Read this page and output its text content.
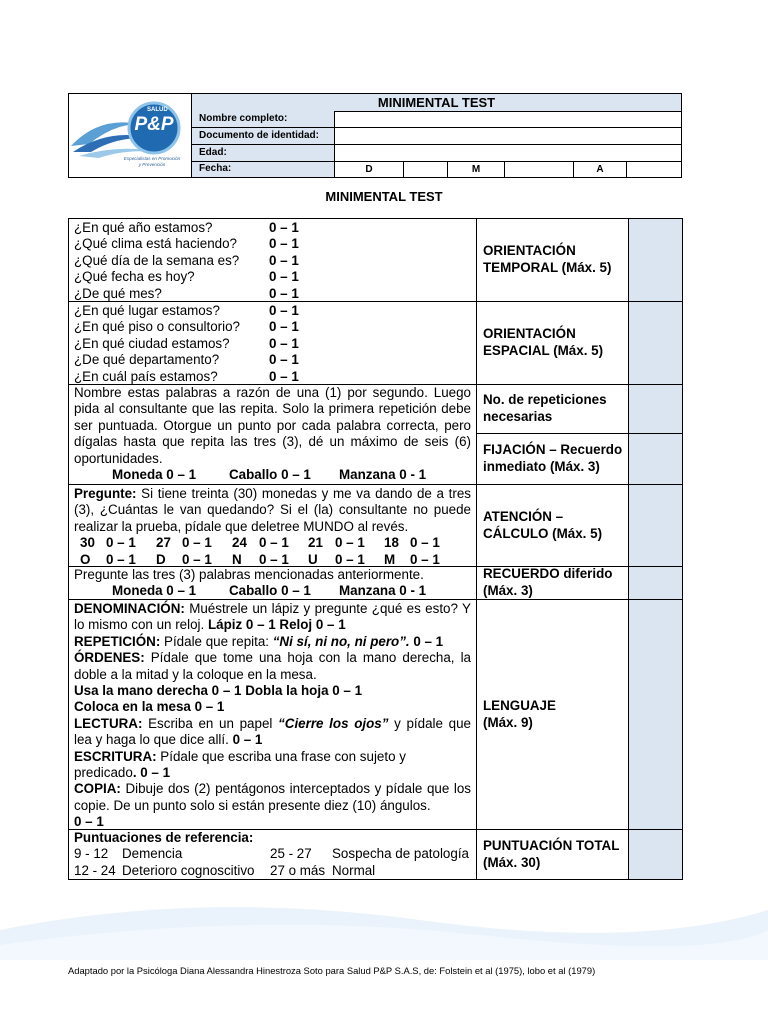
SALUD
P&P
Especialistas en Promoción
y Prevención
MINIMENTAL TEST
Nombre completo:
Documento de identidad:
Edad:
Fecha:	D	M	A
MINIMENTAL TEST
¿En qué año estamos?	0 – 1
¿Qué clima está haciendo? 0 – 1
¿Qué día de la semana es? 0 – 1
¿Qué fecha es hoy?	0 – 1
¿De qué mes?	0 – 1
ORIENTACIÓN TEMPORAL (Máx. 5)
¿En qué lugar estamos?	0 – 1
¿En qué piso o consultorio? 0 – 1
¿En qué ciudad estamos?	0 – 1
¿De qué departamento?	0 – 1
¿En cuál país estamos?	0 – 1
ORIENTACIÓN ESPACIAL (Máx. 5)
Nombre estas palabras a razón de una (1) por segundo. Luego pida al consultante que las repita. Solo la primera repetición debe ser puntuada. Otorgue un punto por cada palabra correcta, pero dígalas hasta que repita las tres (3), dé un máximo de seis (6) oportunidades.
Moneda 0 – 1 Caballo 0 – 1 Manzana 0 - 1
No. de repeticiones necesarias
FIJACIÓN – Recuerdo inmediato (Máx. 3)
Pregunte: Si tiene treinta (30) monedas y me va dando de a tres (3), ¿Cuántas le van quedando? Si el (la) consultante no puede realizar la prueba, pídale que deletree MUNDO al revés.
30 0 – 1 27 0 – 1 24 0 – 1 21 0 – 1 18 0 – 1
O 0 – 1 D 0 – 1 N 0 – 1 U 0 – 1 M 0 – 1
ATENCIÓN – CÁLCULO (Máx. 5)
Pregunte las tres (3) palabras mencionadas anteriormente.
Moneda 0 – 1 Caballo 0 – 1 Manzana 0 - 1
RECUERDO diferido (Máx. 3)
DENOMINACIÓN: Muéstrele un lápiz y pregunte ¿qué es esto? Y lo mismo con un reloj. Lápiz 0 – 1 Reloj 0 – 1
REPETICIÓN: Pídale que repita: “Ni sí, ni no, ni pero”. 0 – 1
ÓRDENES: Pídale que tome una hoja con la mano derecha, la doble a la mitad y la coloque en la mesa.
Usa la mano derecha 0 – 1 Dobla la hoja 0 – 1
Coloca en la mesa 0 – 1
LECTURA: Escriba en un papel “Cierre los ojos” y pídale que lea y haga lo que dice allí. 0 – 1
ESCRITURA: Pídale que escriba una frase con sujeto y predicado. 0 – 1
COPIA: Dibuje dos (2) pentágonos interceptados y pídale que los copie. De un punto solo si están presente diez (10) ángulos.
0 – 1
LENGUAJE (Máx. 9)
Puntuaciones de referencia:
9 - 12 Demencia	25 - 27 Sospecha de patología
12 - 24 Deterioro cognoscitivo 27 o más Normal
PUNTUACIÓN TOTAL (Máx. 30)
Adaptado por la Psicóloga Diana Alessandra Hinestroza Soto para Salud P&P S.A.S, de: Folstein et al (1975), lobo et al (1979)
